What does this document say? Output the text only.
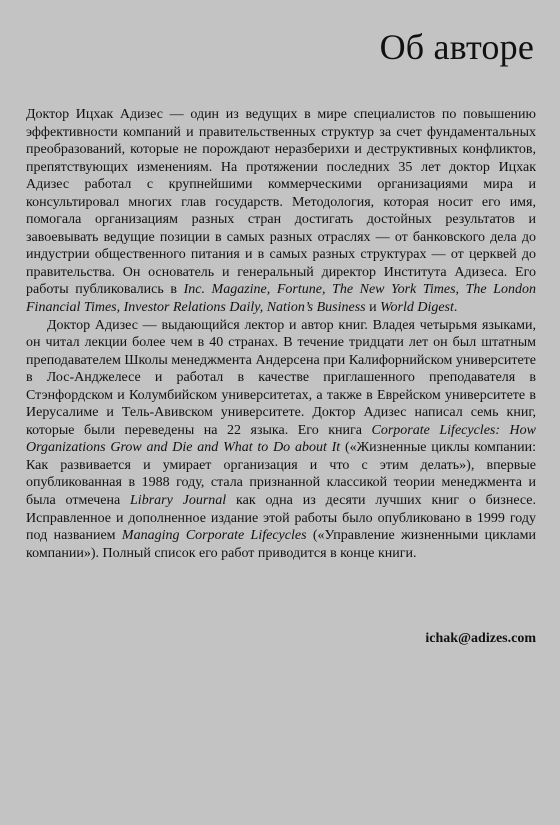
Об авторе

Доктор Ицхак Адизес — один из ведущих в мире специалистов по повышению эффективности компаний и правительственных структур за счет фундаментальных преобразований, которые не порождают неразберихи и деструктивных конфликтов, препятствующих изменениям. На протяжении последних 35 лет доктор Ицхак Адизес работал с крупнейшими коммерческими организациями мира и консультировал многих глав государств. Методология, которая носит его имя, помогала организациям разных стран достигать достойных результатов и завоевывать ведущие позиции в самых разных отраслях — от банковского дела до индустрии общественного питания и в самых разных структурах — от церквей до правительства. Он основатель и генеральный директор Института Адизеса. Его работы публиковались в Inc. Magazine, Fortune, The New York Times, The London Financial Times, Investor Relations Daily, Nation’s Business и World Digest.

Доктор Адизес — выдающийся лектор и автор книг. Владея четырьмя языками, он читал лекции более чем в 40 странах. В течение тридцати лет он был штатным преподавателем Школы менеджмента Андерсена при Калифорнийском университете в Лос-Анджелесе и работал в качестве приглашенного преподавателя в Стэнфордском и Колумбийском университетах, а также в Еврейском университете в Иерусалиме и Тель-Авивском университете. Доктор Адизес написал семь книг, которые были переведены на 22 языка. Его книга Corporate Lifecycles: How Organizations Grow and Die and What to Do about It («Жизненные циклы компании: Как развивается и умирает организация и что с этим делать»), впервые опубликованная в 1988 году, стала признанной классикой теории менеджмента и была отмечена Library Journal как одна из десяти лучших книг о бизнесе. Исправленное и дополненное издание этой работы было опубликовано в 1999 году под названием Managing Corporate Lifecycles («Управление жизненными циклами компании»). Полный список его работ приводится в конце книги.

ichak@adizes.com
